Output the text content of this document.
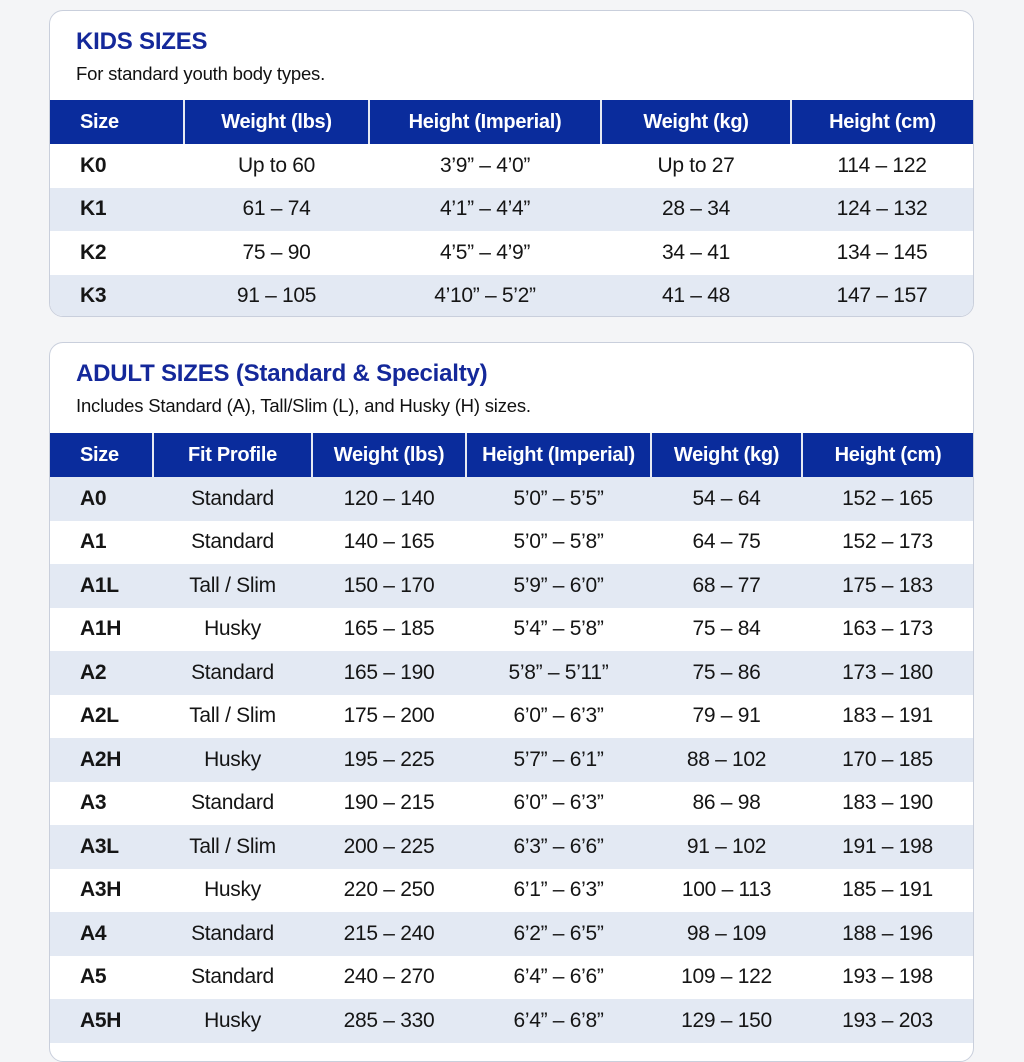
KIDS SIZES
For standard youth body types.
Size	Weight (lbs)	Height (Imperial)	Weight (kg)	Height (cm)
K0	Up to 60	3’9” – 4’0”	Up to 27	114 – 122
K1	61 – 74	4’1” – 4’4”	28 – 34	124 – 132
K2	75 – 90	4’5” – 4’9”	34 – 41	134 – 145
K3	91 – 105	4’10” – 5’2”	41 – 48	147 – 157
ADULT SIZES (Standard & Specialty)
Includes Standard (A), Tall/Slim (L), and Husky (H) sizes.
Size	Fit Profile	Weight (lbs)	Height (Imperial)	Weight (kg)	Height (cm)
A0	Standard	120 – 140	5’0” – 5’5”	54 – 64	152 – 165
A1	Standard	140 – 165	5’0” – 5’8”	64 – 75	152 – 173
A1L	Tall / Slim	150 – 170	5’9” – 6’0”	68 – 77	175 – 183
A1H	Husky	165 – 185	5’4” – 5’8”	75 – 84	163 – 173
A2	Standard	165 – 190	5’8” – 5’11”	75 – 86	173 – 180
A2L	Tall / Slim	175 – 200	6’0” – 6’3”	79 – 91	183 – 191
A2H	Husky	195 – 225	5’7” – 6’1”	88 – 102	170 – 185
A3	Standard	190 – 215	6’0” – 6’3”	86 – 98	183 – 190
A3L	Tall / Slim	200 – 225	6’3” – 6’6”	91 – 102	191 – 198
A3H	Husky	220 – 250	6’1” – 6’3”	100 – 113	185 – 191
A4	Standard	215 – 240	6’2” – 6’5”	98 – 109	188 – 196
A5	Standard	240 – 270	6’4” – 6’6”	109 – 122	193 – 198
A5H	Husky	285 – 330	6’4” – 6’8”	129 – 150	193 – 203
